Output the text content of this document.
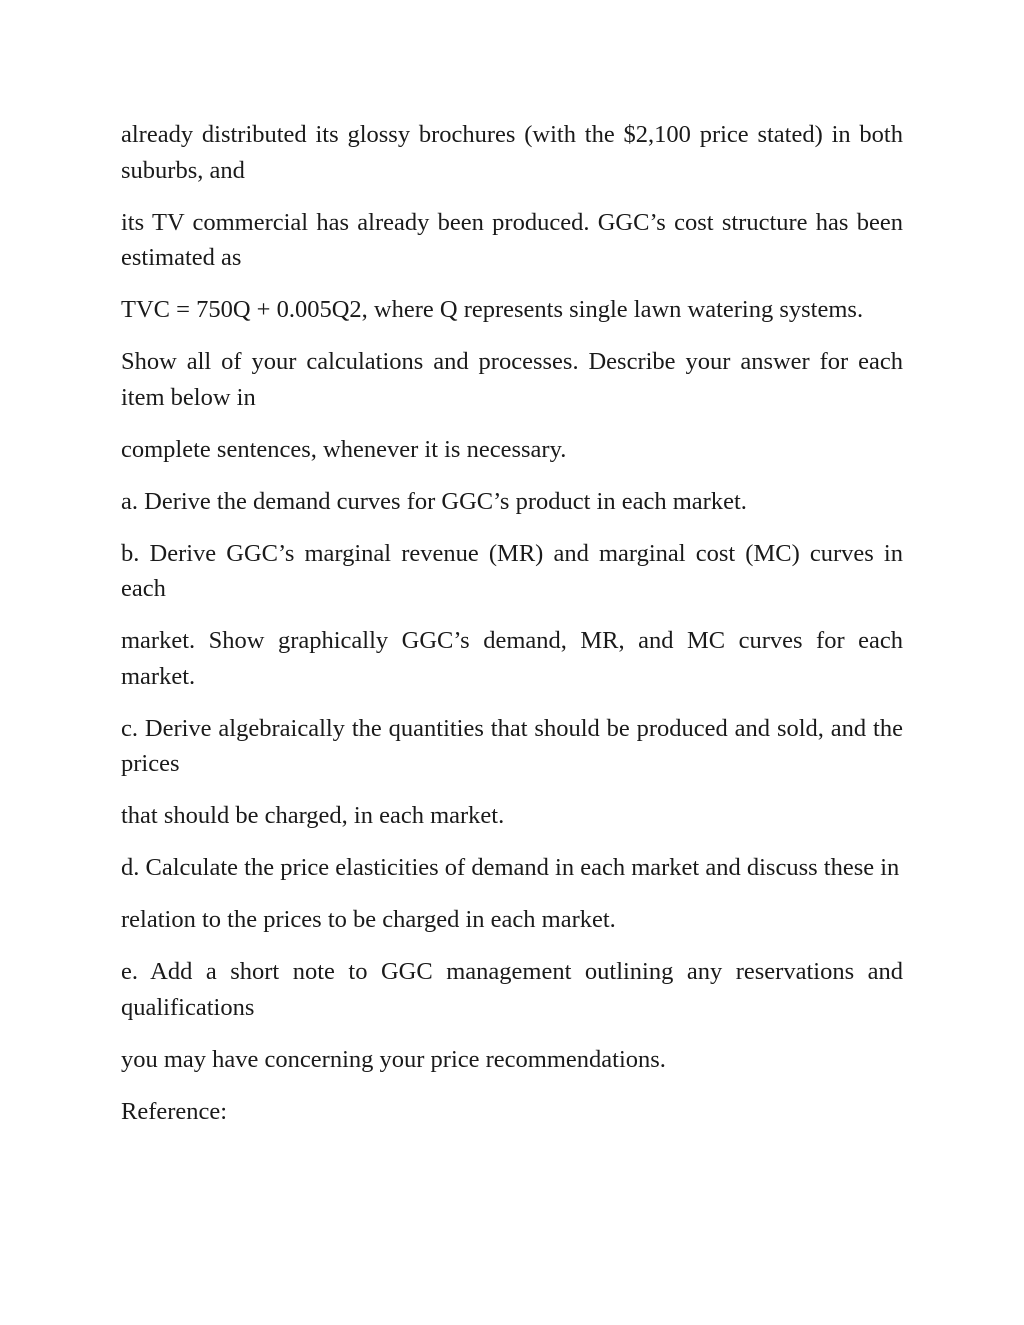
already distributed its glossy brochures (with the $2,100 price stated) in both suburbs, and

its TV commercial has already been produced. GGC’s cost structure has been estimated as

TVC = 750Q + 0.005Q2, where Q represents single lawn watering systems.

Show all of your calculations and processes. Describe your answer for each item below in

complete sentences, whenever it is necessary.

a. Derive the demand curves for GGC’s product in each market.

b. Derive GGC’s marginal revenue (MR) and marginal cost (MC) curves in each

market. Show graphically GGC’s demand, MR, and MC curves for each market.

c. Derive algebraically the quantities that should be produced and sold, and the prices

that should be charged, in each market.

d. Calculate the price elasticities of demand in each market and discuss these in

relation to the prices to be charged in each market.

e. Add a short note to GGC management outlining any reservations and qualifications

you may have concerning your price recommendations.

Reference:
